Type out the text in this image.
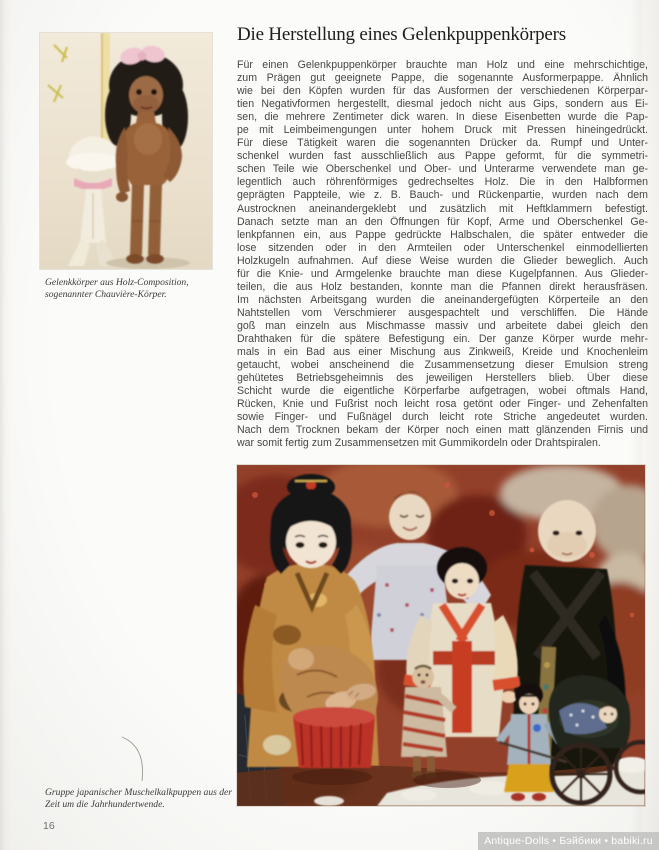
Gelenkkörper aus Holz-Composition, sogenannter Chauvière-Körper.
Die Herstellung eines Gelenkpuppenkörpers
Für einen Gelenkpuppenkörper brauchte man Holz und eine mehrschichtige,
zum Prägen gut geeignete Pappe, die sogenannte Ausformerpappe. Ähnlich
wie bei den Köpfen wurden für das Ausformen der verschiedenen Körperpar-
tien Negativformen hergestellt, diesmal jedoch nicht aus Gips, sondern aus Ei-
sen, die mehrere Zentimeter dick waren. In diese Eisenbetten wurde die Pap-
pe mit Leimbeimengungen unter hohem Druck mit Pressen hineingedrückt.
Für diese Tätigkeit waren die sogenannten Drücker da. Rumpf und Unter-
schenkel wurden fast ausschließlich aus Pappe geformt, für die symmetri-
schen Teile wie Oberschenkel und Ober- und Unterarme verwendete man ge-
legentlich auch röhrenförmiges gedrechseltes Holz. Die in den Halbformen
geprägten Pappteile, wie z. B. Bauch- und Rückenpartie, wurden nach dem
Austrocknen aneinandergeklebt und zusätzlich mit Heftklammern befestigt.
Danach setzte man an den Öffnungen für Kopf, Arme und Oberschenkel Ge-
lenkpfannen ein, aus Pappe gedrückte Halbschalen, die später entweder die
lose sitzenden oder in den Armteilen oder Unterschenkel einmodellierten
Holzkugeln aufnahmen. Auf diese Weise wurden die Glieder beweglich. Auch
für die Knie- und Armgelenke brauchte man diese Kugelpfannen. Aus Glieder-
teilen, die aus Holz bestanden, konnte man die Pfannen direkt herausfräsen.
Im nächsten Arbeitsgang wurden die aneinandergefügten Körperteile an den
Nahtstellen vom Verschmierer ausgespachtelt und verschliffen. Die Hände
goß man einzeln aus Mischmasse massiv und arbeitete dabei gleich den
Drahthaken für die spätere Befestigung ein. Der ganze Körper wurde mehr-
mals in ein Bad aus einer Mischung aus Zinkweiß, Kreide und Knochenleim
getaucht, wobei anscheinend die Zusammensetzung dieser Emulsion streng
gehütetes Betriebsgeheimnis des jeweiligen Herstellers blieb. Über diese
Schicht wurde die eigentliche Körperfarbe aufgetragen, wobei oftmals Hand,
Rücken, Knie und Fußrist noch leicht rosa getönt oder Finger- und Zehenfalten
sowie Finger- und Fußnägel durch leicht rote Striche angedeutet wurden.
Nach dem Trocknen bekam der Körper noch einen matt glänzenden Firnis und
war somit fertig zum Zusammensetzen mit Gummikordeln oder Drahtspiralen.
Gruppe japanischer Muschelkalkpuppen aus der Zeit um die Jahrhundertwende.
16
Antique-Dolls • Бэйбики • babiki.ru
